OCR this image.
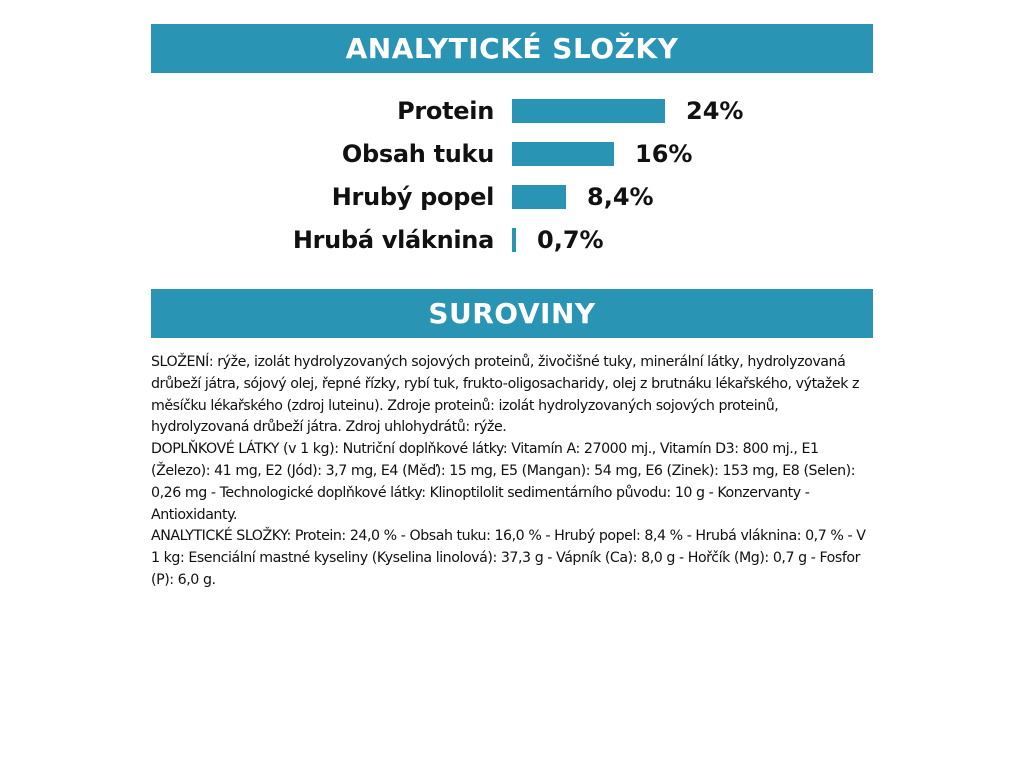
ANALYTICKÉ SLOŽKY
Protein	24%
Obsah tuku	16%
Hrubý popel	8,4%
Hrubá vláknina 0,7%
SUROVINY

SLOŽENÍ: rýže, izolát hydrolyzovaných sojových proteinů, živočišné tuky, minerální látky, hydrolyzovaná drůbeží játra, sójový olej, řepné řízky, rybí tuk, frukto-oligosacharidy, olej z brutnáku lékařského, výtažek z měsíčku lékařského (zdroj luteinu). Zdroje proteinů: izolát hydrolyzovaných sojových proteinů, hydrolyzovaná drůbeží játra. Zdroj uhlohydrátů: rýže.

DOPLŇKOVÉ LÁTKY (v 1 kg): Nutriční doplňkové látky: Vitamín A: 27000 mj., Vitamín D3: 800 mj., E1 (Železo): 41 mg, E2 (Jód): 3,7 mg, E4 (Měď): 15 mg, E5 (Mangan): 54 mg, E6 (Zinek): 153 mg, E8 (Selen): 0,26 mg - Technologické doplňkové látky: Klinoptilolit sedimentárního původu: 10 g - Konzervanty - Antioxidanty.

ANALYTICKÉ SLOŽKY: Protein: 24,0 % - Obsah tuku: 16,0 % - Hrubý popel: 8,4 % - Hrubá vláknina: 0,7 % - V 1 kg: Esenciální mastné kyseliny (Kyselina linolová): 37,3 g - Vápník (Ca): 8,0 g - Hořčík (Mg): 0,7 g - Fosfor (P): 6,0 g.
